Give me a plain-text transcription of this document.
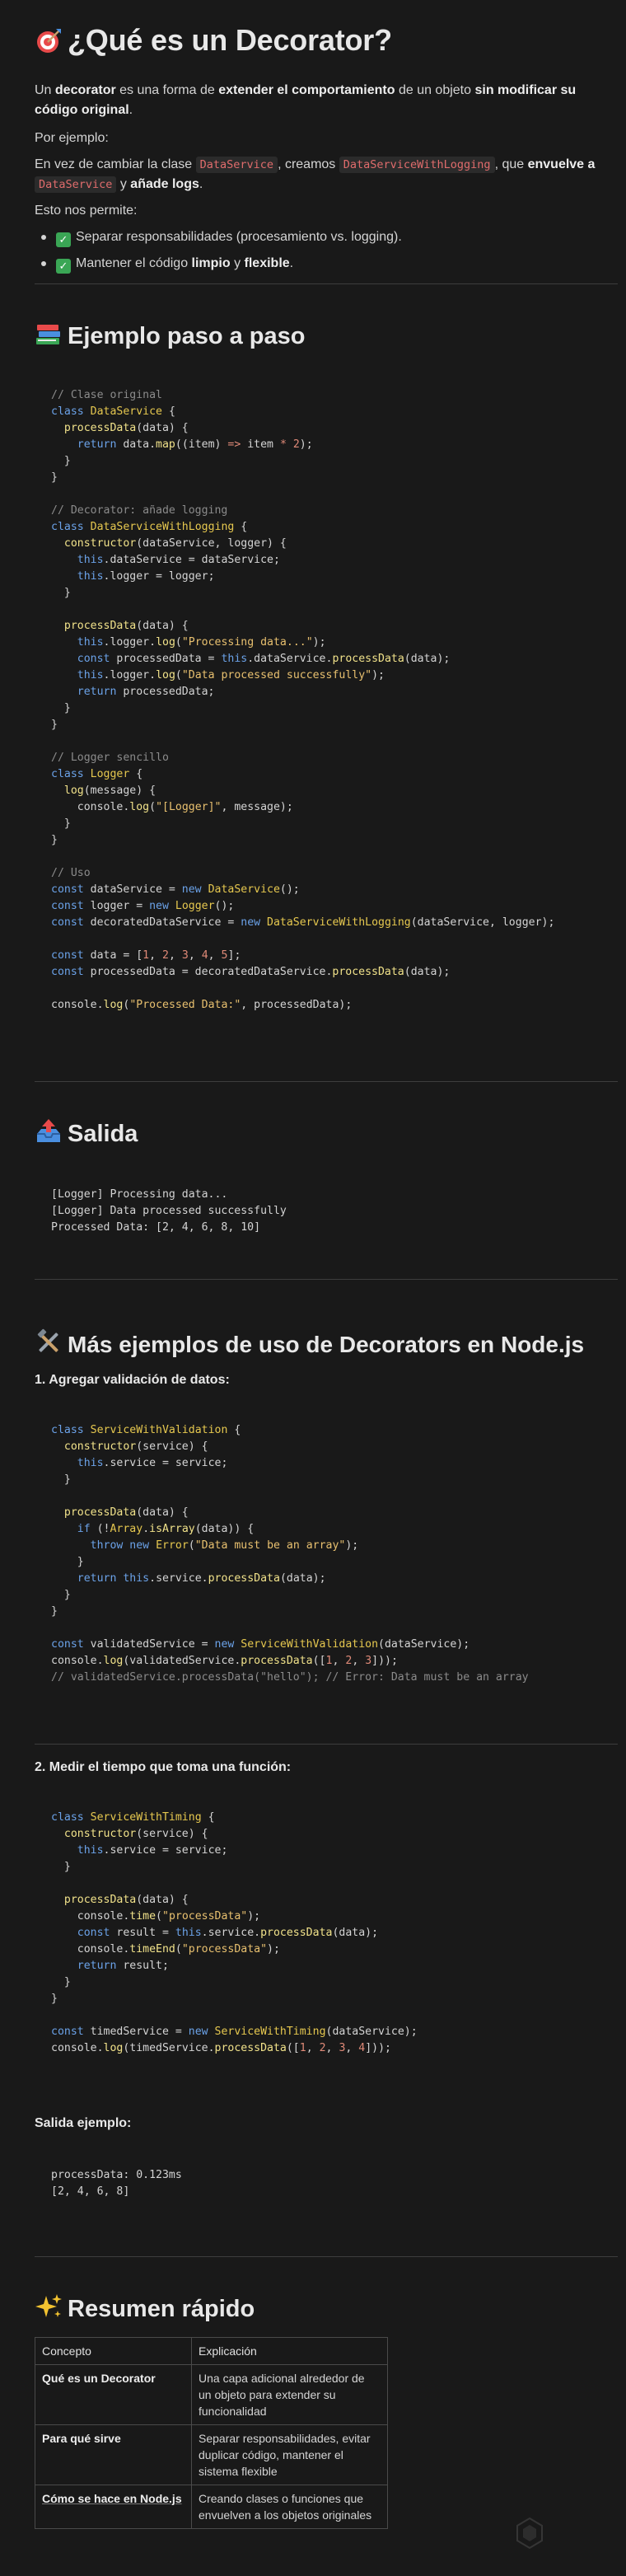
¿Qué es un Decorator?
Un decorator es una forma de extender el comportamiento de un objeto sin modificar su código original.
Por ejemplo:
En vez de cambiar la clase DataService , creamos DataServiceWithLogging , que envuelve a
DataService y añade logs.
Esto nos permite:
✓ Separar responsabilidades (procesamiento vs. logging).
✓ Mantener el código limpio y flexible.
Ejemplo paso a paso
// Clase original
class DataService {
processData(data) {
return data.map((item) => item * 2);
}
}

// Decorator: añade logging
class DataServiceWithLogging {
constructor(dataService, logger) {
this.dataService = dataService;
this.logger = logger;
}

processData(data) {
this.logger.log("Processing data...");
const processedData = this.dataService.processData(data);
this.logger.log("Data processed successfully");
return processedData;
}
}

// Logger sencillo
class Logger {
log(message) {
console.log("[Logger]", message);
}
}

// Uso
const dataService = new DataService();
const logger = new Logger();
const decoratedDataService = new DataServiceWithLogging(dataService, logger);

const data = [1, 2, 3, 4, 5];
const processedData = decoratedDataService.processData(data);

console.log("Processed Data:", processedData);
Salida
[Logger] Processing data...
[Logger] Data processed successfully
Processed Data: [2, 4, 6, 8, 10]
Más ejemplos de uso de Decorators en Node.js
1. Agregar validación de datos:
class ServiceWithValidation {
constructor(service) {
this.service = service;
}

processData(data) {
if (!Array.isArray(data)) {
throw new Error("Data must be an array");
}
return this.service.processData(data);
}
}

const validatedService = new ServiceWithValidation(dataService);
console.log(validatedService.processData([1, 2, 3]));
// validatedService.processData("hello"); // Error: Data must be an array
2. Medir el tiempo que toma una función:
class ServiceWithTiming {
constructor(service) {
this.service = service;
}

processData(data) {
console.time("processData");
const result = this.service.processData(data);
console.timeEnd("processData");
return result;
}
}

const timedService = new ServiceWithTiming(dataService);
console.log(timedService.processData([1, 2, 3, 4]));
Salida ejemplo:
processData: 0.123ms
[2, 4, 6, 8]
Resumen rápido
Concepto	Explicación
Qué es un Decorator	Una capa adicional alrededor de un objeto para extender su funcionalidad
Para qué sirve	Separar responsabilidades, evitar duplicar código, mantener el sistema flexible
Cómo se hace en Node.js	Creando clases o funciones que envuelven a los objetos originales
